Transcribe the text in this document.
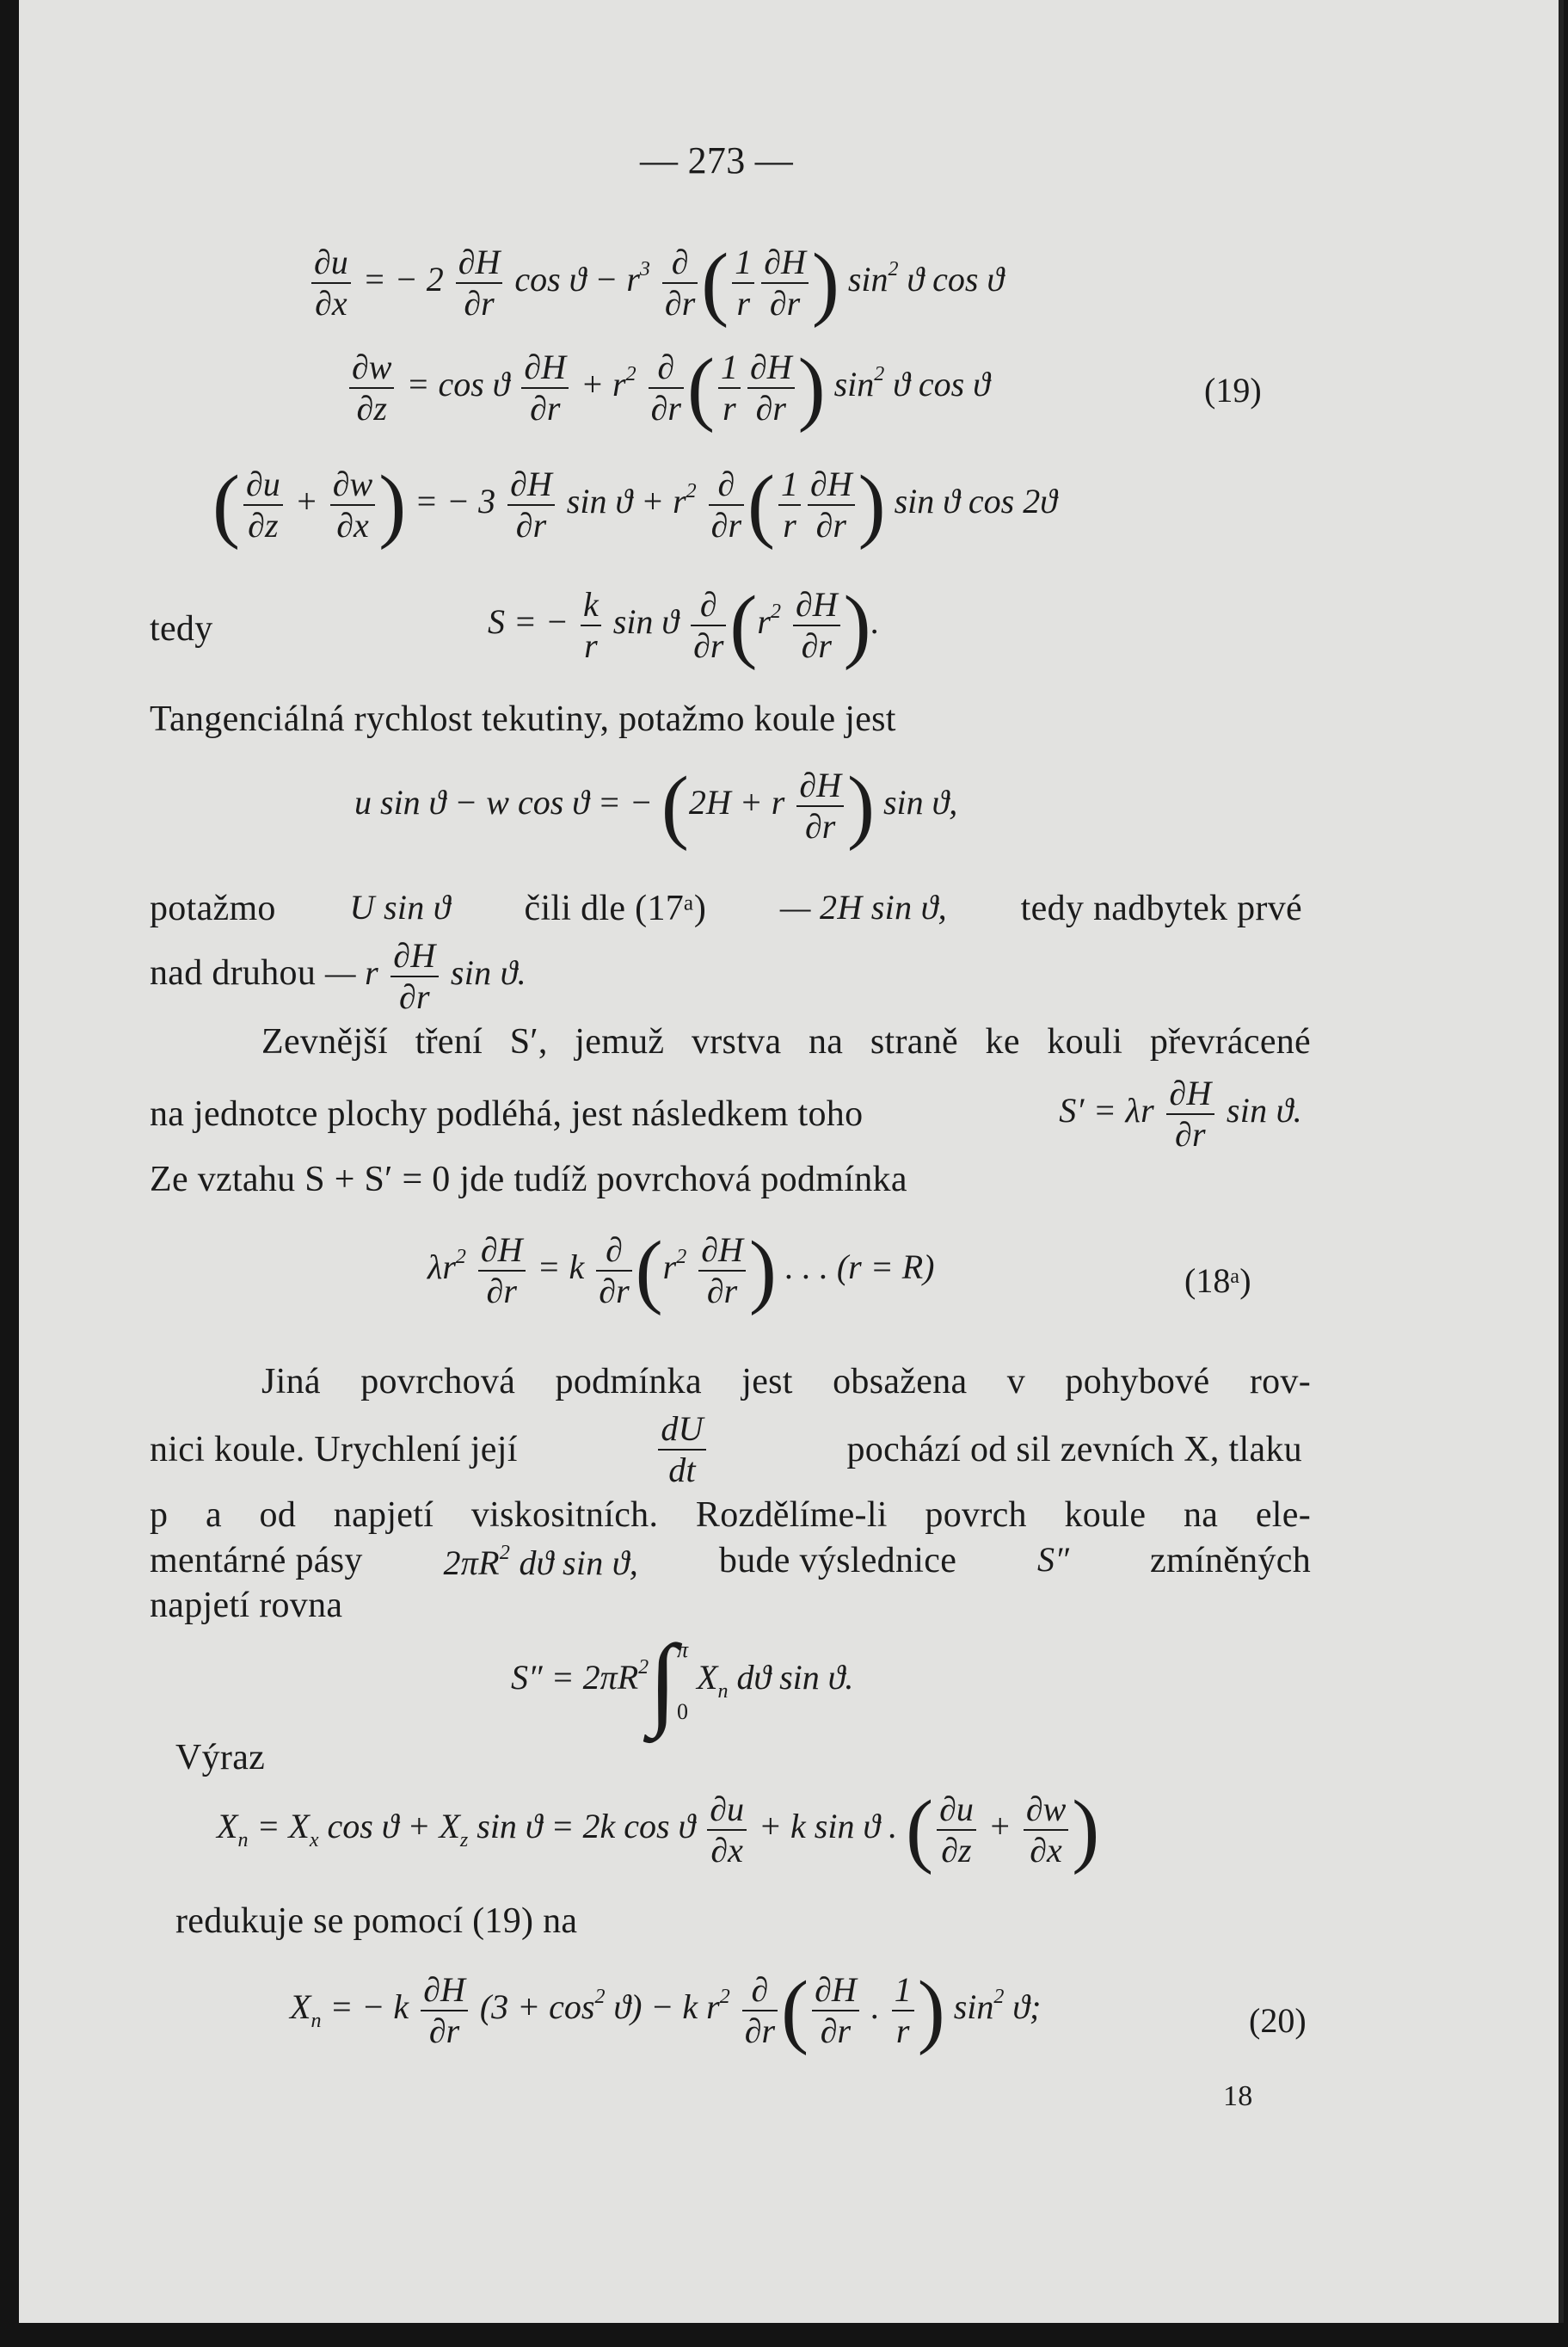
— 273 —
$\frac{\partial u}{\partial x}$ = − $2 \frac{\partial H}{\partial r}$ $\cos ϑ - r^3 \frac{\partial}{\partial r}$ ( $\frac{1}{r} \frac{\partial H}{\partial r}$ ) $\sin^2 ϑ$ cos ϑ
$\frac{\partial w}{\partial z} = \cos ϑ \frac{\partial H}{\partial r} + r^2 \frac{\partial}{\partial r}$ ( $\frac{1}{r} \frac{\partial H}{\partial r}$ ) $\sin^2 ϑ$ cos ϑ	(19)
( $\frac{\partial u}{\partial z} + \frac{\partial w}{\partial x}$ ) = − $3 \frac{\partial H}{\partial r}$ $\sin ϑ + r^2 \frac{\partial}{\partial r}$ ( $\frac{1}{r} \frac{\partial H}{\partial r}$ ) sin ϑ cos 2ϑ
tedy	S = − $\frac{k}{r}$ sin ϑ $\frac{\partial}{\partial r} (r^2 \frac{\partial H}{\partial r}$ ).
Tangenciálná rychlost tekutiny, potažmo koule jest
u sin ϑ − w cos ϑ = − (2H + r $\frac{\partial H}{\partial r}$ ) sin ϑ,
potažmo U sin ϑ čili dle (17ᵃ) — 2H sin ϑ, tedy nadbytek prvé
nad druhou — r $\frac{\partial H}{\partial r}$ sin ϑ.
Zevnější tření S′, jemuž vrstva na straně ke kouli převrácené
na jednotce plochy podléhá, jest následkem toho	S′ = λr $\frac{\partial H}{\partial r}$ sin ϑ.
Ze vztahu S + S′ = 0 jde tudíž povrchová podmínka
$\lambda r^2 \frac{\partial H}{\partial r} = k \frac{\partial}{\partial r} (r^2 \frac{\partial H}{\partial r}$ ) . . . (r = R)	(18ᵃ)
Jiná povrchová podmínka jest obsažena v pohybové rov-
nici koule. Urychlení její	$\frac{dU}{dt}$	pochází od sil zevních X, tlaku
p a od napjetí viskositních. Rozdělíme-li povrch koule na ele-
mentárné pásy $2\pi R^2$ dϑ sin ϑ, bude výslednice S″ zmíněných
napjetí rovna
$S'' = 2\pi R^2\int$ π
0
$X_n$ dϑ sin ϑ.
Výraz
$X_n = X_x$ $\cos ϑ + X_z$ sin ϑ = 2k cos ϑ $\frac{\partial u}{\partial x} + k$ sin ϑ . ( $\frac{\partial u}{\partial z} + \frac{\partial w}{\partial x}$ )
redukuje se pomocí (19) na
$X_n$ = − k $\frac{\partial H}{\partial r} (3 + \cos^2 ϑ) - k$ $r^2 \frac{\partial}{\partial r}$ ( $\frac{\partial H}{\partial r}$ . $\frac{1}{r}$ ) $\sin^2 ϑ$;	(20)
18
